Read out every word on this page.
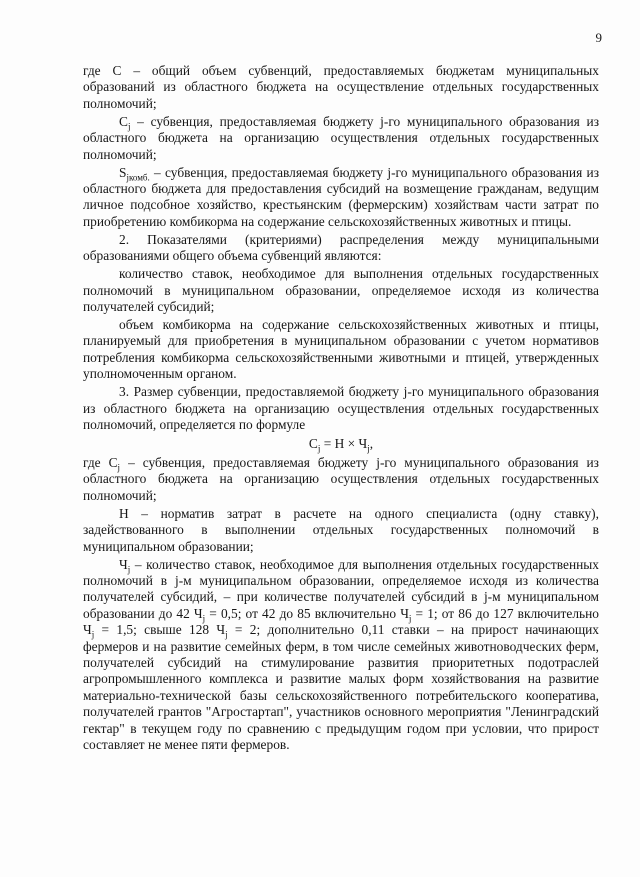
9

где С – общий объем субвенций, предоставляемых бюджетам муниципальных образований из областного бюджета на осуществление отдельных государственных полномочий;

$С_j$ – субвенция, предоставляемая бюджету j-го муниципального образования из областного бюджета на организацию осуществления отдельных государственных полномочий;

$S_{jкомб.}$ – субвенция, предоставляемая бюджету j-го муниципального образования из областного бюджета для предоставления субсидий на возмещение гражданам, ведущим личное подсобное хозяйство, крестьянским (фермерским) хозяйствам части затрат по приобретению комбикорма на содержание сельскохозяйственных животных и птицы.

2. Показателями (критериями) распределения между муниципальными образованиями общего объема субвенций являются:

количество ставок, необходимое для выполнения отдельных государственных полномочий в муниципальном образовании, определяемое исходя из количества получателей субсидий;

объем комбикорма на содержание сельскохозяйственных животных и птицы, планируемый для приобретения в муниципальном образовании с учетом нормативов потребления комбикорма сельскохозяйственными животными и птицей, утвержденных уполномоченным органом.

3. Размер субвенции, предоставляемой бюджету j-го муниципального образования из областного бюджета на организацию осуществления отдельных государственных полномочий, определяется по формуле

$С_j = Н \times Ч_j$,

где $С_j$ – субвенция, предоставляемая бюджету j-го муниципального образования из областного бюджета на организацию осуществления отдельных государственных полномочий;

Н – норматив затрат в расчете на одного специалиста (одну ставку), задействованного в выполнении отдельных государственных полномочий в муниципальном образовании;

$Ч_j$ – количество ставок, необходимое для выполнения отдельных государственных полномочий в j-м муниципальном образовании, определяемое исходя из количества получателей субсидий, – при количестве получателей субсидий в j-м муниципальном образовании до 42 $Ч_j = 0,5$; от 42 до 85 включительно $Ч_j = 1$; от 86 до 127 включительно $Ч_j = 1,5$; свыше 128 $Ч_j = 2$; дополнительно 0,11 ставки – на прирост начинающих фермеров и на развитие семейных ферм, в том числе семейных животноводческих ферм, получателей субсидий на стимулирование развития приоритетных подотраслей агропромышленного комплекса и развитие малых форм хозяйствования на развитие материально-технической базы сельскохозяйственного потребительского кооператива, получателей грантов "Агростартап", участников основного мероприятия "Ленинградский гектар" в текущем году по сравнению с предыдущим годом при условии, что прирост составляет не менее пяти фермеров.
